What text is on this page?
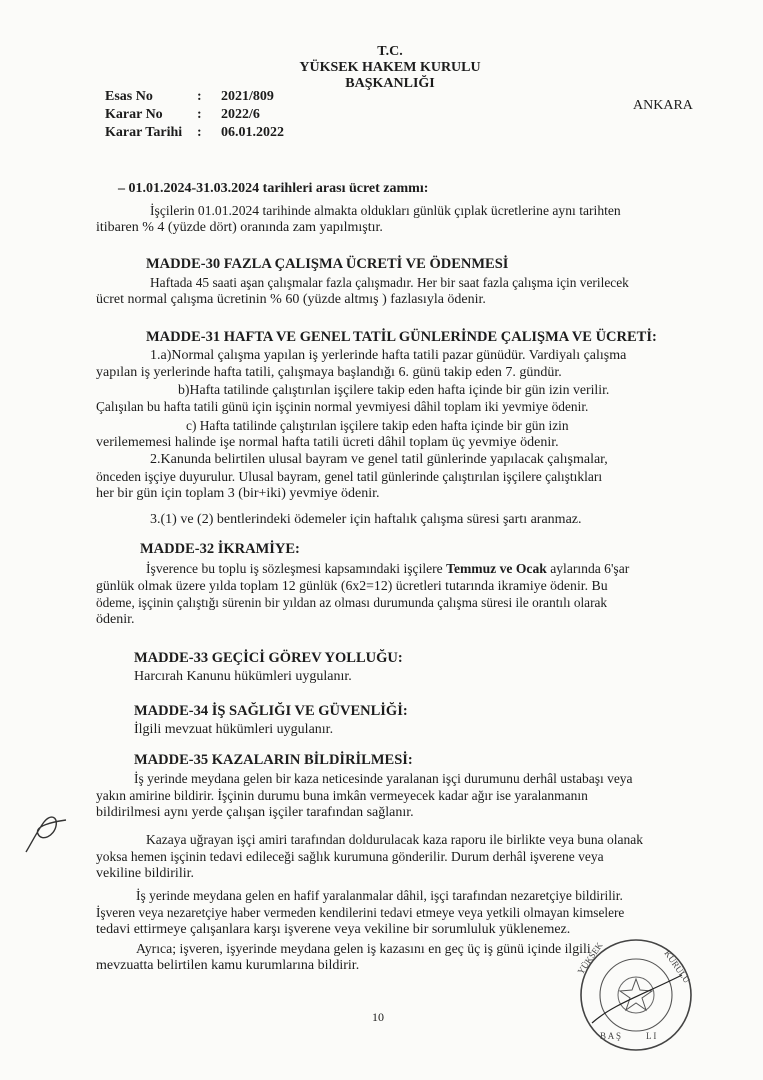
T.C.
YÜKSEK HAKEM KURULU
BAŞKANLIĞI
Esas No	:	2021/809
Karar No	:	2022/6
Karar Tarihi	:	06.01.2022
ANKARA
– 01.01.2024-31.03.2024 tarihleri arası ücret zammı:
İşçilerin 01.01.2024 tarihinde almakta oldukları günlük çıplak ücretlerine aynı tarihten
itibaren % 4 (yüzde dört) oranında zam yapılmıştır.
MADDE-30 FAZLA ÇALIŞMA ÜCRETİ VE ÖDENMESİ
Haftada 45 saati aşan çalışmalar fazla çalışmadır. Her bir saat fazla çalışma için verilecek
ücret normal çalışma ücretinin % 60 (yüzde altmış ) fazlasıyla ödenir.
MADDE-31 HAFTA VE GENEL TATİL GÜNLERİNDE ÇALIŞMA VE ÜCRETİ:
1.a)Normal çalışma yapılan iş yerlerinde hafta tatili pazar günüdür. Vardiyalı çalışma
yapılan iş yerlerinde hafta tatili, çalışmaya başlandığı 6. günü takip eden 7. gündür.
b)Hafta tatilinde çalıştırılan işçilere takip eden hafta içinde bir gün izin verilir.
Çalışılan bu hafta tatili günü için işçinin normal yevmiyesi dâhil toplam iki yevmiye ödenir.
c) Hafta tatilinde çalıştırılan işçilere takip eden hafta içinde bir gün izin
verilememesi halinde işe normal hafta tatili ücreti dâhil toplam üç yevmiye ödenir.
2.Kanunda belirtilen ulusal bayram ve genel tatil günlerinde yapılacak çalışmalar,
önceden işçiye duyurulur. Ulusal bayram, genel tatil günlerinde çalıştırılan işçilere çalıştıkları
her bir gün için toplam 3 (bir+iki) yevmiye ödenir.
3.(1) ve (2) bentlerindeki ödemeler için haftalık çalışma süresi şartı aranmaz.
MADDE-32 İKRAMİYE:
İşverence bu toplu iş sözleşmesi kapsamındaki işçilere Temmuz ve Ocak aylarında 6'şar
günlük olmak üzere yılda toplam 12 günlük (6x2=12) ücretleri tutarında ikramiye ödenir. Bu
ödeme, işçinin çalıştığı sürenin bir yıldan az olması durumunda çalışma süresi ile orantılı olarak
ödenir.
MADDE-33 GEÇİCİ GÖREV YOLLUĞU:
Harcırah Kanunu hükümleri uygulanır.
MADDE-34 İŞ SAĞLIĞI VE GÜVENLİĞİ:
İlgili mevzuat hükümleri uygulanır.
MADDE-35 KAZALARIN BİLDİRİLMESİ:
İş yerinde meydana gelen bir kaza neticesinde yaralanan işçi durumunu derhâl ustabaşı veya
yakın amirine bildirir. İşçinin durumu buna imkân vermeyecek kadar ağır ise yaralanmanın
bildirilmesi aynı yerde çalışan işçiler tarafından sağlanır.
Kazaya uğrayan işçi amiri tarafından doldurulacak kaza raporu ile birlikte veya buna olanak
yoksa hemen işçinin tedavi edileceği sağlık kurumuna gönderilir. Durum derhâl işverene veya
vekiline bildirilir.
İş yerinde meydana gelen en hafif yaralanmalar dâhil, işçi tarafından nezaretçiye bildirilir.
İşveren veya nezaretçiye haber vermeden kendilerini tedavi etmeye veya yetkili olmayan kimselere
tedavi ettirmeye çalışanlara karşı işverene veya vekiline bir sorumluluk yüklenemez.
Ayrıca; işveren, işyerinde meydana gelen iş kazasını en geç üç iş günü içinde ilgili
mevzuatta belirtilen kamu kurumlarına bildirir.
10
YÜKSEK	KURULU
B A Ş	L I
